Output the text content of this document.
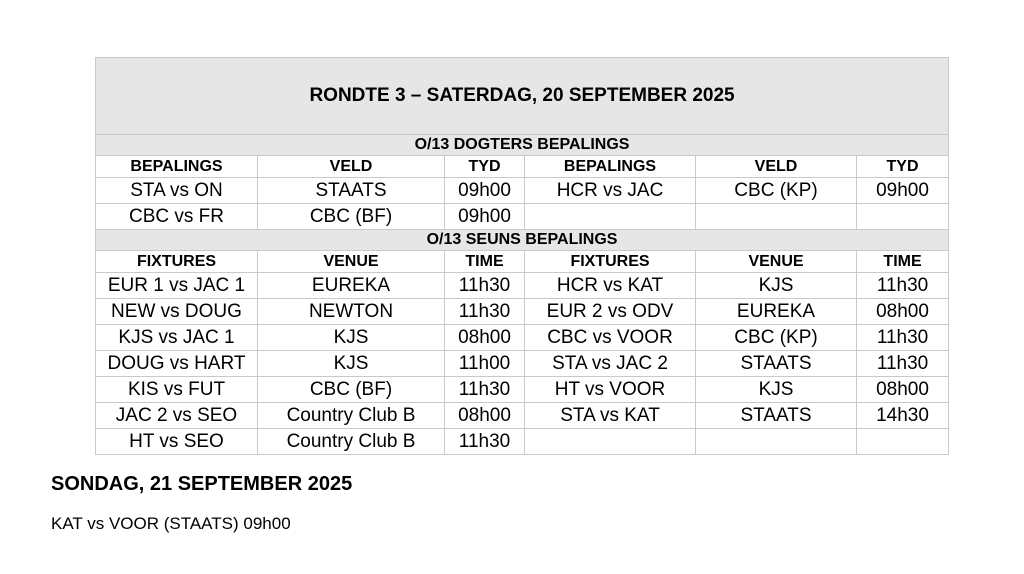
RONDTE 3 – SATERDAG, 20 SEPTEMBER 2025					
O/13 DOGTERS BEPALINGS					
BEPALINGS	VELD	TYD	BEPALINGS	VELD	TYD
STA vs ON	STAATS	09h00	HCR vs JAC	CBC (KP)	09h00
CBC vs FR	CBC (BF)	09h00			
O/13 SEUNS BEPALINGS					
FIXTURES	VENUE	TIME	FIXTURES	VENUE	TIME
EUR 1 vs JAC 1	EUREKA	11h30	HCR vs KAT	KJS	11h30
NEW vs DOUG	NEWTON	11h30	EUR 2 vs ODV	EUREKA	08h00
KJS vs JAC 1	KJS	08h00	CBC vs VOOR	CBC (KP)	11h30
DOUG vs HART	KJS	11h00	STA vs JAC 2	STAATS	11h30
KIS vs FUT	CBC (BF)	11h30	HT vs VOOR	KJS	08h00
JAC 2 vs SEO	Country Club B	08h00	STA vs KAT	STAATS	14h30
HT vs SEO	Country Club B	11h30			

SONDAG, 21 SEPTEMBER 2025

KAT vs VOOR (STAATS) 09h00
